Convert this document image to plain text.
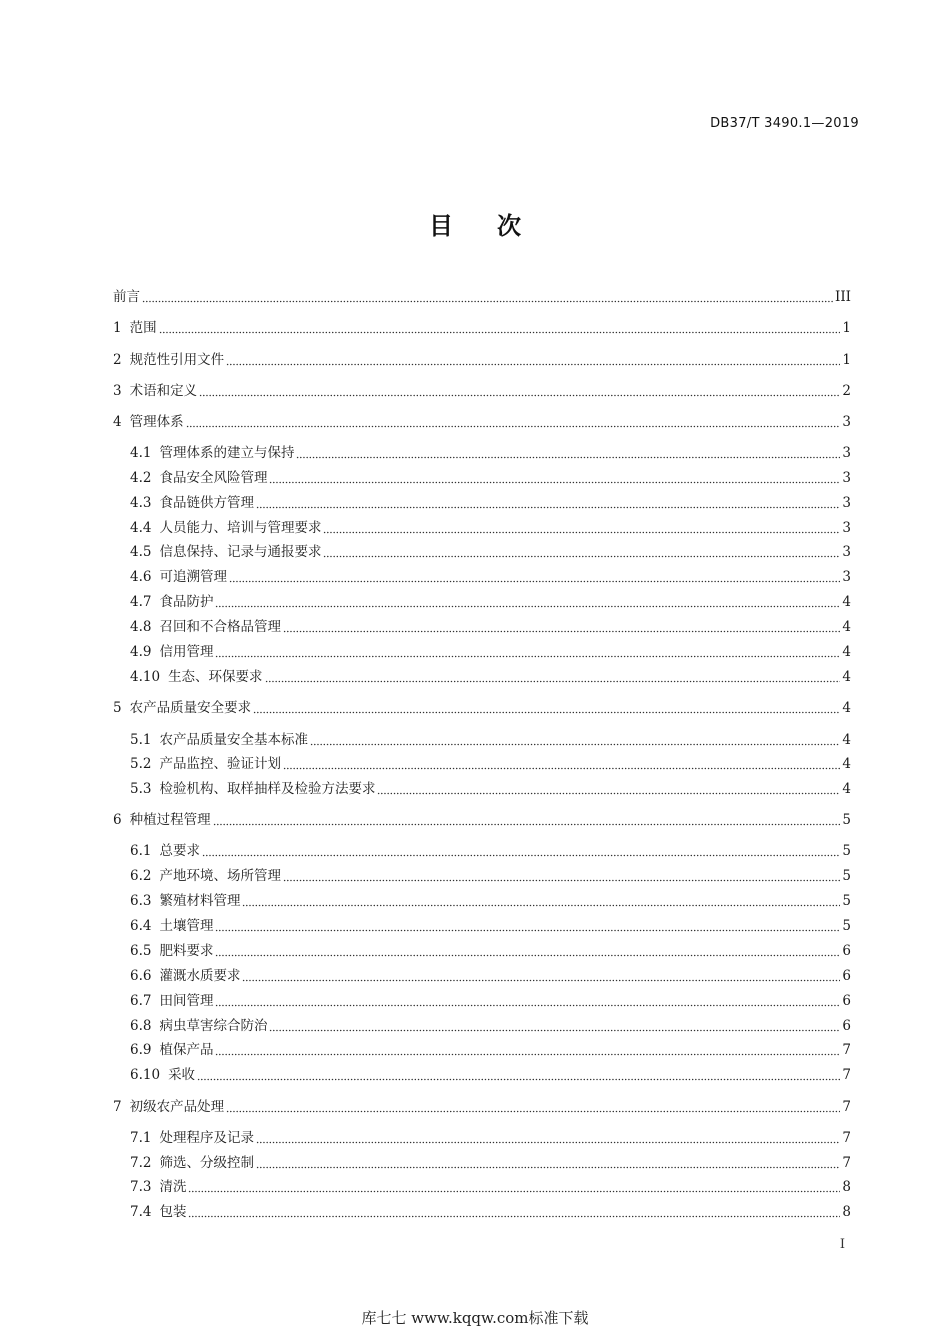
DB37/T 3490.1—2019
目 次
前言	III
1 范围	1
2 规范性引用文件	1
3 术语和定义	2
4 管理体系	3
4.1 管理体系的建立与保持	3
4.2 食品安全风险管理	3
4.3 食品链供方管理	3
4.4 人员能力、培训与管理要求	3
4.5 信息保持、记录与通报要求	3
4.6 可追溯管理	3
4.7 食品防护	4
4.8 召回和不合格品管理	4
4.9 信用管理	4
4.10 生态、环保要求	4
5 农产品质量安全要求	4
5.1 农产品质量安全基本标准	4
5.2 产品监控、验证计划	4
5.3 检验机构、取样抽样及检验方法要求	4
6 种植过程管理	5
6.1 总要求	5
6.2 产地环境、场所管理	5
6.3 繁殖材料管理	5
6.4 土壤管理	5
6.5 肥料要求	6
6.6 灌溉水质要求	6
6.7 田间管理	6
6.8 病虫草害综合防治	6
6.9 植保产品	7
6.10 采收	7
7 初级农产品处理	7
7.1 处理程序及记录	7
7.2 筛选、分级控制	7
7.3 清洗	8
7.4 包装	8
I
库七七 www.kqqw.com标准下载
